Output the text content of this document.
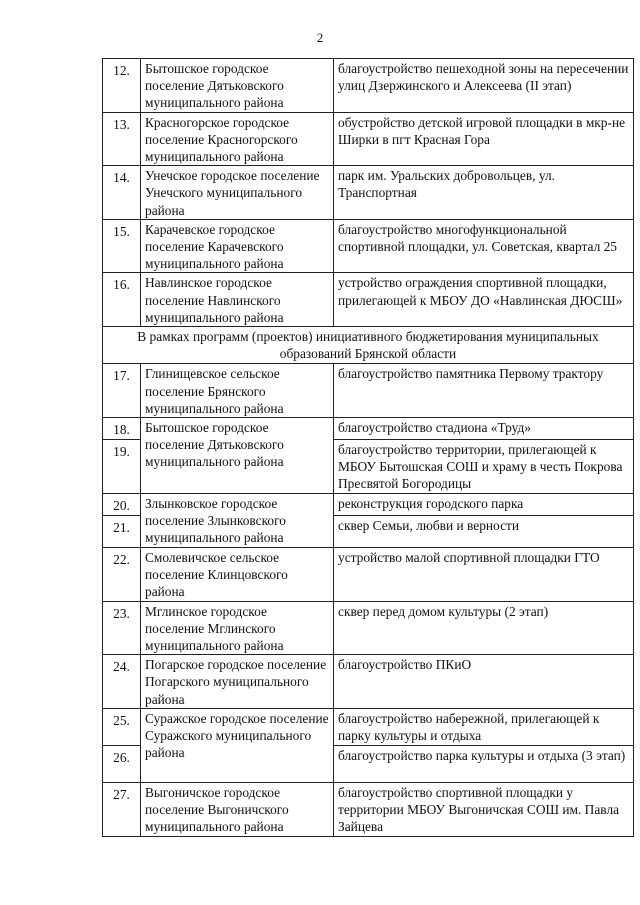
2
12.	Бытошское городское поселение Дятьковского муниципального района	благоустройство пешеходной зоны на пересечении улиц Дзержинского и Алексеева (II этап)
13.	Красногорское городское поселение Красногорского муниципального района	обустройство детской игровой площадки в мкр-не Ширки в пгт Красная Гора
14.	Унечское городское поселение Унечского муниципального района	парк им. Уральских добровольцев, ул. Транспортная
15.	Карачевское городское поселение Карачевского муниципального района	благоустройство многофункциональной спортивной площадки, ул. Советская, квартал 25
16.	Навлинское городское поселение Навлинского муниципального района	устройство ограждения спортивной площадки, прилегающей к МБОУ ДО «Навлинская ДЮСШ»
В рамках программ (проектов) инициативного бюджетирования муниципальных образований Брянской области		
17.	Глинищевское сельское поселение Брянского муниципального района	благоустройство памятника Первому трактору
18.	Бытошское городское поселение Дятьковского муниципального района	благоустройство стадиона «Труд»
19.		благоустройство территории, прилегающей к МБОУ Бытошская СОШ и храму в честь Покрова Пресвятой Богородицы
20.	Злынковское городское поселение Злынковского муниципального района	реконструкция городского парка
21.		сквер Семьи, любви и верности
22.	Смолевичское сельское поселение Клинцовского района	устройство малой спортивной площадки ГТО
23.	Мглинское городское поселение Мглинского муниципального района	сквер перед домом культуры (2 этап)
24.	Погарское городское поселение Погарского муниципального района	благоустройство ПКиО
25.	Суражское городское поселение Суражского муниципального района	благоустройство набережной, прилегающей к парку культуры и отдыха
26.		благоустройство парка культуры и отдыха (3 этап)
27.	Выгоничское городское поселение Выгоничского муниципального района	благоустройство спортивной площадки у территории МБОУ Выгоничская СОШ им. Павла Зайцева
